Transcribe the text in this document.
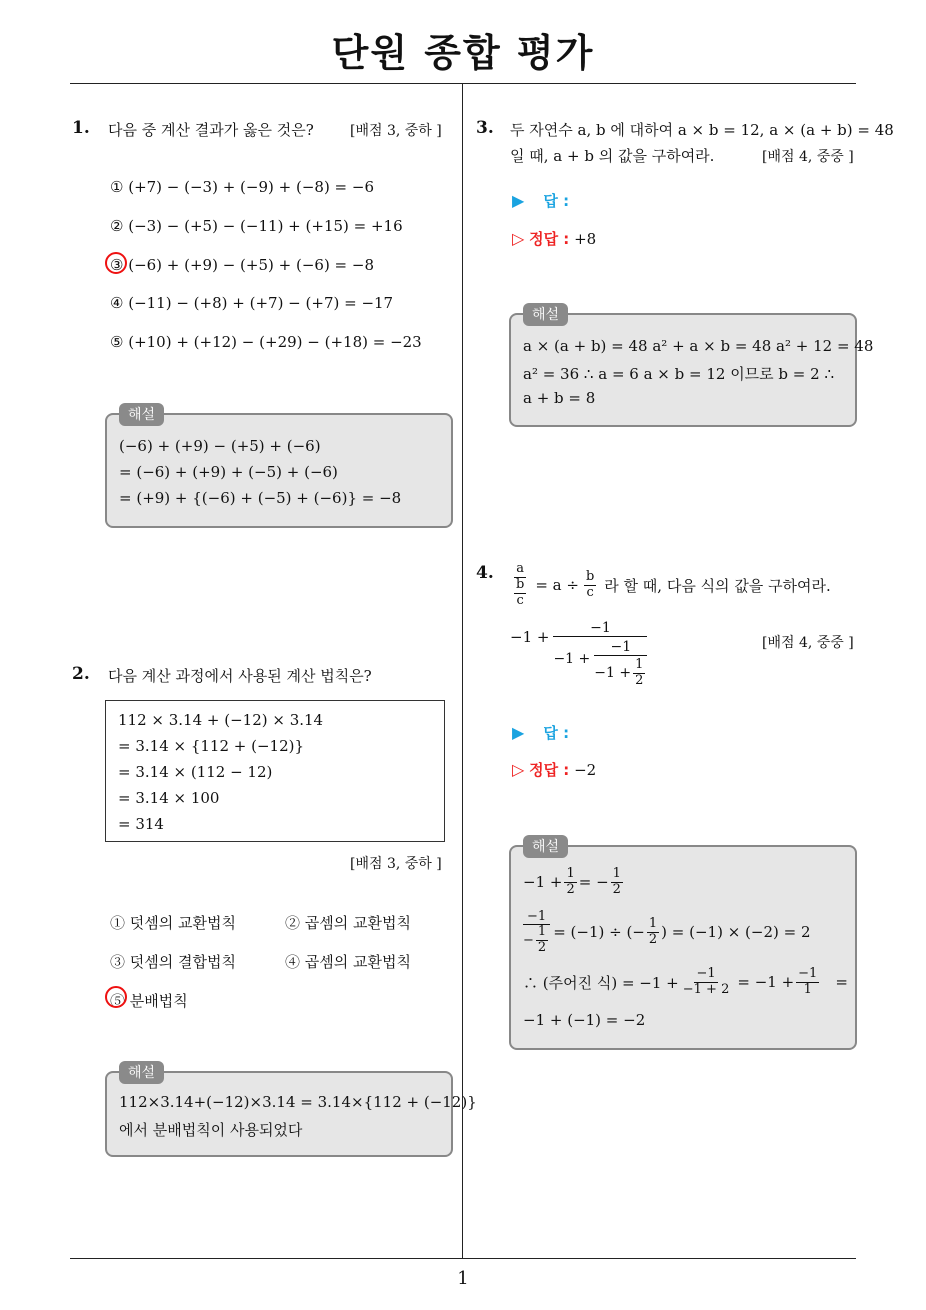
단원 종합 평가
1
1. 다음 중 계산 결과가 옳은 것은?	[배점 3, 중하 ]
① (+7) − (−3) + (−9) + (−8) = −6
② (−3) − (+5) − (−11) + (+15) = +16
③ (−6) + (+9) − (+5) + (−6) = −8
④ (−11) − (+8) + (+7) − (+7) = −17
⑤ (+10) + (+12) − (+29) − (+18) = −23
해설
(−6) + (+9) − (+5) + (−6)
= (−6) + (+9) + (−5) + (−6)
= (+9) + {(−6) + (−5) + (−6)} = −8
2. 다음 계산 과정에서 사용된 계산 법칙은?
112 × 3.14 + (−12) × 3.14
= 3.14 × {112 + (−12)}
= 3.14 × (112 − 12)
= 3.14 × 100
= 314
[배점 3, 중하 ]
① 덧셈의 교환법칙	② 곱셈의 교환법칙
③ 덧셈의 결합법칙	④ 곱셈의 교환법칙
⑤ 분배법칙
해설
112×3.14+(−12)×3.14 = 3.14×{112 + (−12)}
에서 분배법칙이 사용되었다
3. 두 자연수 a, b 에 대하여 a × b = 12, a × (a + b) = 48
일 때, a + b 의 값을 구하여라.	[배점 4, 중중 ]
▶ 답 :
▷ 정답 : +8
해설
a × (a + b) = 48 a² + a × b = 48 a² + 12 = 48
a² = 36 ∴ a = 6 a × b = 12 이므로 b = 2 ∴
a + b = 8
4. $\frac{a}{\frac{b}{c}} = a \div \frac{b}{c}$ 라 할 때, 다음 식의 값을 구하여라.
−1 +	−1
$-1 + \frac{-1}{-1 + \frac{1}{2}}$	[배점 4, 중중 ]
▶ 답 :
▷ 정답 : −2
해설
$-1 + \frac{1}{2}$ = − $\frac{1}{2}$
$\frac{-1}{- \frac{1}{2}} = (-1)$ ÷ (− $\frac{1}{2}$ ) = (−1) × (−2) = 2
∴ (주어진 식) = $-1 + \frac{-1}{-1 + 2} = -1 + \frac{-1}{1}$ =
−1 + (−1) = −2
